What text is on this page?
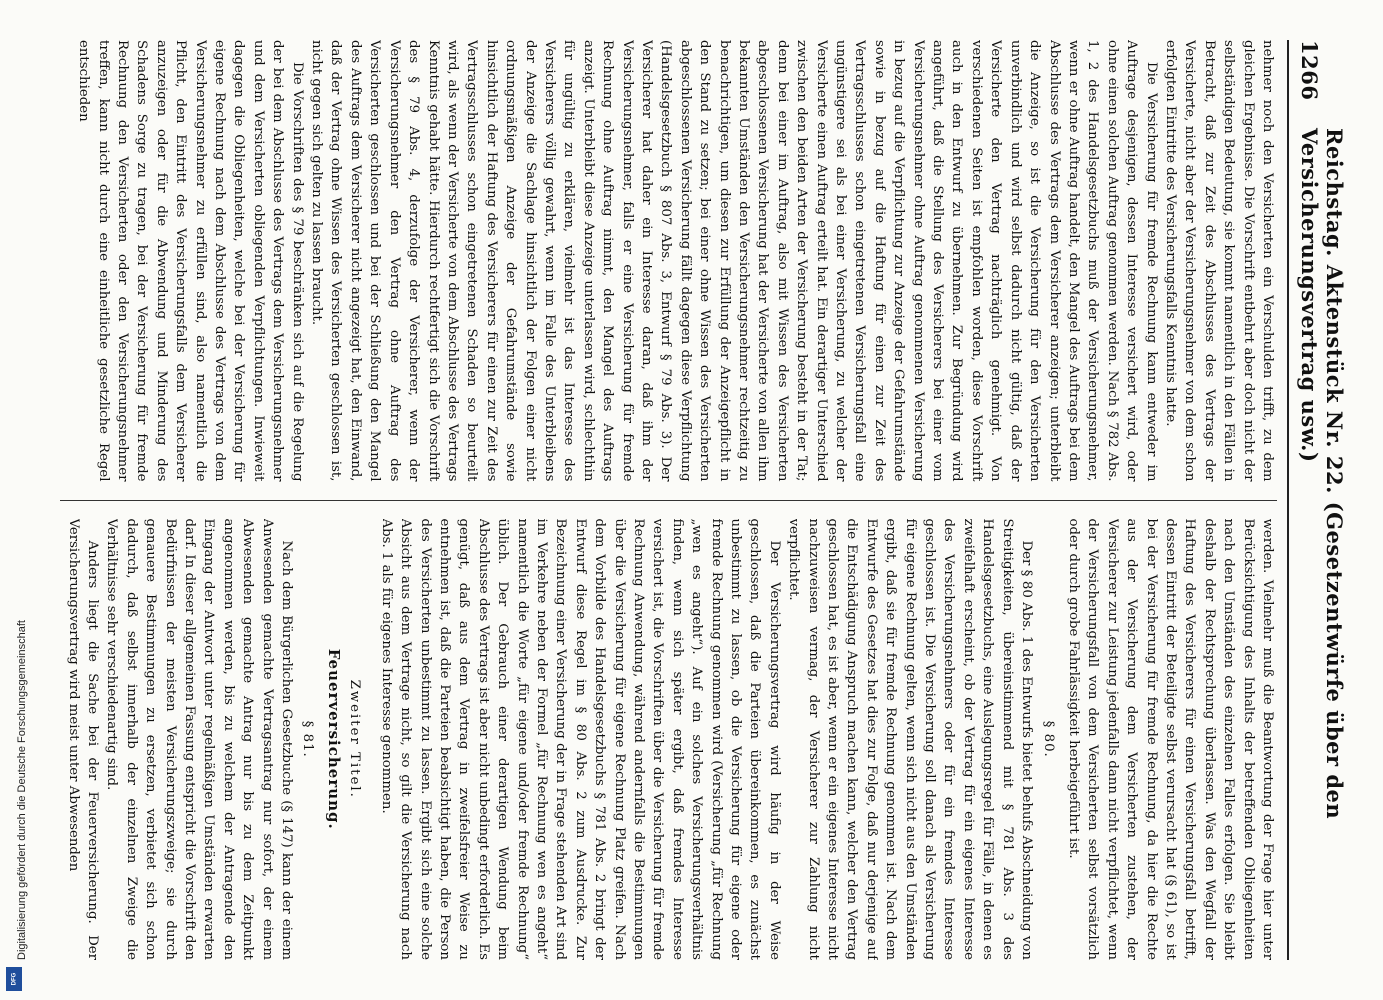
1266
Reichstag. Aktenstück Nr. 22. (Gesetzentwürfe über den Versicherungsvertrag usw.)

nehmer noch den Versicherten ein Verschulden trifft, zu dem gleichen Ergebnisse. Die Vorschrift entbehrt aber doch nicht der selbständigen Bedeutung, sie kommt namentlich in den Fällen in Betracht, daß zur Zeit des Abschlusses des Vertrags der Versicherte, nicht aber der Versicherungsnehmer von dem schon erfolgten Eintritte des Versicherungsfalls Kenntnis hatte.

Die Versicherung für fremde Rechnung kann entweder im Auftrage desjenigen, dessen Interesse versichert wird, oder ohne einen solchen Auftrag genommen werden. Nach § 782 Abs. 1, 2 des Handelsgesetzbuchs muß der Versicherungsnehmer, wenn er ohne Auftrag handelt, den Mangel des Auftrags bei dem Abschlusse des Vertrags dem Versicherer anzeigen; unterbleibt die Anzeige, so ist die Versicherung für den Versicherten unverbindlich und wird selbst dadurch nicht gültig, daß der Versicherte den Vertrag nachträglich genehmigt. Von verschiedenen Seiten ist empfohlen worden, diese Vorschrift auch in den Entwurf zu übernehmen. Zur Begründung wird angeführt, daß die Stellung des Versicherers bei einer vom Versicherungsnehmer ohne Auftrag genommenen Versicherung in bezug auf die Verpflichtung zur Anzeige der Gefahrumstände sowie in bezug auf die Haftung für einen zur Zeit des Vertragsschlusses schon eingetretenen Versicherungsfall eine ungünstigere sei als bei einer Versicherung, zu welcher der Versicherte einen Auftrag erteilt hat. Ein derartiger Unterschied zwischen den beiden Arten der Versicherung besteht in der Tat; denn bei einer im Auftrag, also mit Wissen des Versicherten abgeschlossenen Versicherung hat der Versicherte von allen ihm bekannten Umständen den Versicherungsnehmer rechtzeitig zu benachrichtigen, um diesen zur Erfüllung der Anzeigepflicht in den Stand zu setzen; bei einer ohne Wissen des Versicherten abgeschlossenen Versicherung fällt dagegen diese Verpflichtung (Handelsgesetzbuch § 807 Abs. 3, Entwurf § 79 Abs. 3). Der Versicherer hat daher ein Interesse daran, daß ihm der Versicherungsnehmer, falls er eine Versicherung für fremde Rechnung ohne Auftrag nimmt, den Mangel des Auftrags anzeigt. Unterbleibt diese Anzeige unterlassen wird, schlechthin für ungültig zu erklären, vielmehr ist das Interesse des Versicherers völlig gewahrt, wenn im Falle des Unterbleibens der Anzeige die Sachlage hinsichtlich der Folgen einer nicht ordnungsmäßigen Anzeige der Gefahrumstände sowie hinsichtlich der Haftung des Versicherers für einen zur Zeit des Vertragsschlusses schon eingetretenen Schaden so beurteilt wird, als wenn der Versicherte von dem Abschlusse des Vertrags Kenntnis gehabt hätte. Hierdurch rechtfertigt sich die Vorschrift des § 79 Abs. 4, derzufolge der Versicherer, wenn der Versicherungsnehmer den Vertrag ohne Auftrag des Versicherten geschlossen und bei der Schließung den Mangel des Auftrags dem Versicherer nicht angezeigt hat, den Einwand, daß der Vertrag ohne Wissen des Versicherten geschlossen ist, nicht gegen sich gelten zu lassen braucht.

Die Vorschriften des § 79 beschränken sich auf die Regelung der bei dem Abschlusse des Vertrags dem Versicherungsnehmer und dem Versicherten obliegenden Verpflichtungen. Inwieweit dagegen die Obliegenheiten, welche bei der Versicherung für eigene Rechnung nach dem Abschlusse des Vertrags von dem Versicherungsnehmer zu erfüllen sind, also namentlich die Pflicht, den Eintritt des Versicherungsfalls dem Versicherer anzuzeigen oder für die Abwendung und Minderung des Schadens Sorge zu tragen, bei der Versicherung für fremde Rechnung den Versicherten oder den Versicherungsnehmer treffen, kann nicht durch eine einheitliche gesetzliche Regel entschieden

werden. Vielmehr muß die Beantwortung der Frage hier unter Berücksichtigung des Inhalts der betreffenden Obliegenheiten nach den Umständen des einzelnen Falles erfolgen. Sie bleibt deshalb der Rechtsprechung überlassen. Was den Wegfall der Haftung des Versicherers für einen Versicherungsfall betrifft, dessen Eintritt der Beteiligte selbst verursacht hat (§ 61), so ist bei der Versicherung für fremde Rechnung, da hier die Rechte aus der Versicherung dem Versicherten zustehen, der Versicherer zur Leistung jedenfalls dann nicht verpflichtet, wenn der Versicherungsfall von dem Versicherten selbst vorsätzlich oder durch grobe Fahrlässigkeit herbeigeführt ist.

§ 80.

Der § 80 Abs. 1 des Entwurfs bietet behufs Abschneidung von Streitigkeiten, übereinstimmend mit § 781 Abs. 3 des Handelsgesetzbuchs, eine Auslegungsregel für Fälle, in denen es zweifelhaft erscheint, ob der Vertrag für ein eigenes Interesse des Versicherungsnehmers oder für ein fremdes Interesse geschlossen ist. Die Versicherung soll danach als Versicherung für eigene Rechnung gelten, wenn sich nicht aus den Umständen ergibt, daß sie für fremde Rechnung genommen ist. Nach dem Entwurfe des Gesetzes hat dies zur Folge, daß nur derjenige auf die Entschädigung Anspruch machen kann, welcher den Vertrag geschlossen hat, es ist aber, wenn er ein eigenes Interesse nicht nachzuweisen vermag, der Versicherer zur Zahlung nicht verpflichtet.

Der Versicherungsvertrag wird häufig in der Weise geschlossen, daß die Parteien übereinkommen, es zunächst unbestimmt zu lassen, ob die Versicherung für eigene oder fremde Rechnung genommen wird (Versicherung „für Rechnung „wen es angeht“). Auf ein solches Versicherungsverhältnis finden, wenn sich später ergibt, daß fremdes Interesse versichert ist, die Vorschriften über die Versicherung für fremde Rechnung Anwendung, während andernfalls die Bestimmungen über die Versicherung für eigene Rechnung Platz greifen. Nach dem Vorbilde des Handelsgesetzbuchs § 781 Abs. 2 bringt der Entwurf diese Regel im § 80 Abs. 2 zum Ausdrucke. Zur Bezeichnung einer Versicherung der in Frage stehenden Art sind im Verkehre neben der Formel „für Rechnung wen es angeht“ namentlich die Worte „für eigene und/oder fremde Rechnung“ üblich. Der Gebrauch einer derartigen Wendung beim Abschlusse des Vertrags ist aber nicht unbedingt erforderlich. Es genügt, daß aus dem Vertrag in zweifelsfreier Weise zu entnehmen ist, daß die Parteien beabsichtigt haben, die Person des Versicherten unbestimmt zu lassen. Ergibt sich eine solche Absicht aus dem Vertrage nicht, so gilt die Versicherung nach Abs. 1 als für eigenes Interesse genommen.

Zweiter Titel.
Feuerversicherung.
§ 81.

Nach dem Bürgerlichen Gesetzbuche (§ 147) kann der einem Anwesenden gemachte Vertragsantrag nur sofort, der einem Abwesenden gemachte Antrag nur bis zu dem Zeitpunkt angenommen werden, bis zu welchem der Antragende den Eingang der Antwort unter regelmäßigen Umständen erwarten darf. In dieser allgemeinen Fassung entspricht die Vorschrift den Bedürfnissen der meisten Versicherungszweige; sie durch genauere Bestimmungen zu ersetzen, verbietet sich schon dadurch, daß selbst innerhalb der einzelnen Zweige die Verhältnisse sehr verschiedenartig sind.

Anders liegt die Sache bei der Feuerversicherung. Der Versicherungsvertrag wird meist unter Abwesenden

Digitalisierung gefördert durch die Deutsche Forschungsgemeinschaft
DFG
